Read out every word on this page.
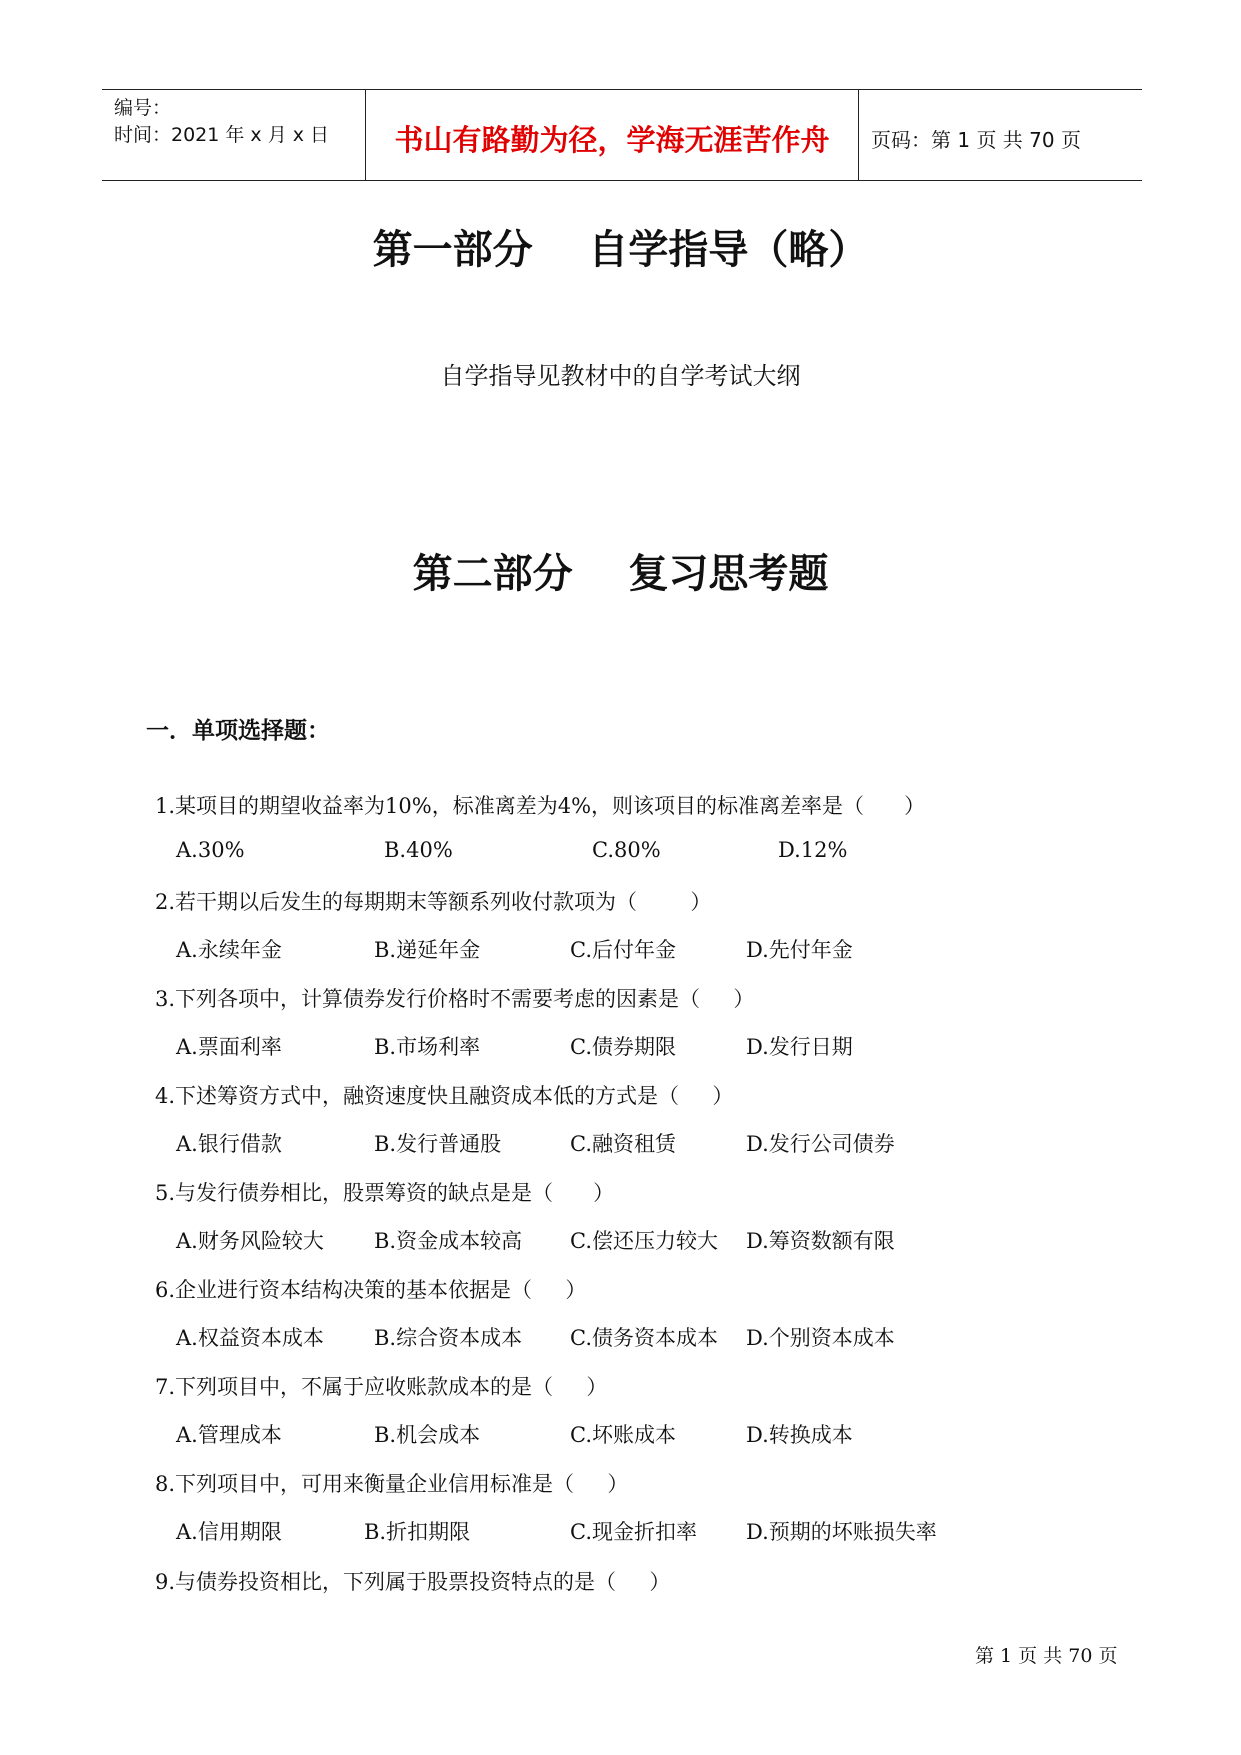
编号：
时间：2021 年 x 月 x 日	书山有路勤为径，学海无涯苦作舟	页码：第 1 页 共 70 页
第一部分    自学指导（略）
自学指导见教材中的自学考试大纲
第二部分    复习思考题
一．单项选择题：
1.某项目的期望收益率为10%，标准离差为4%，则该项目的标准离差率是（      ）
A.30%	B.40%	C.80%	D.12%
2.若干期以后发生的每期期末等额系列收付款项为（        ）
A.永续年金	B.递延年金	C.后付年金	D.先付年金
3.下列各项中，计算债券发行价格时不需要考虑的因素是（     ）
A.票面利率	B.市场利率	C.债券期限	D.发行日期
4.下述筹资方式中，融资速度快且融资成本低的方式是（     ）
A.银行借款	B.发行普通股	C.融资租赁	D.发行公司债券
5.与发行债券相比，股票筹资的缺点是是（      ）
A.财务风险较大 B.资金成本较高 C.偿还压力较大 D.筹资数额有限
6.企业进行资本结构决策的基本依据是（     ）
A.权益资本成本 B.综合资本成本 C.债务资本成本 D.个别资本成本
7.下列项目中，不属于应收账款成本的是（     ）
A.管理成本	B.机会成本	C.坏账成本	D.转换成本
8.下列项目中，可用来衡量企业信用标准是（     ）
A.信用期限	B.折扣期限	C.现金折扣率 D.预期的坏账损失率
9.与债券投资相比，下列属于股票投资特点的是（     ）
第 1 页 共 70 页
